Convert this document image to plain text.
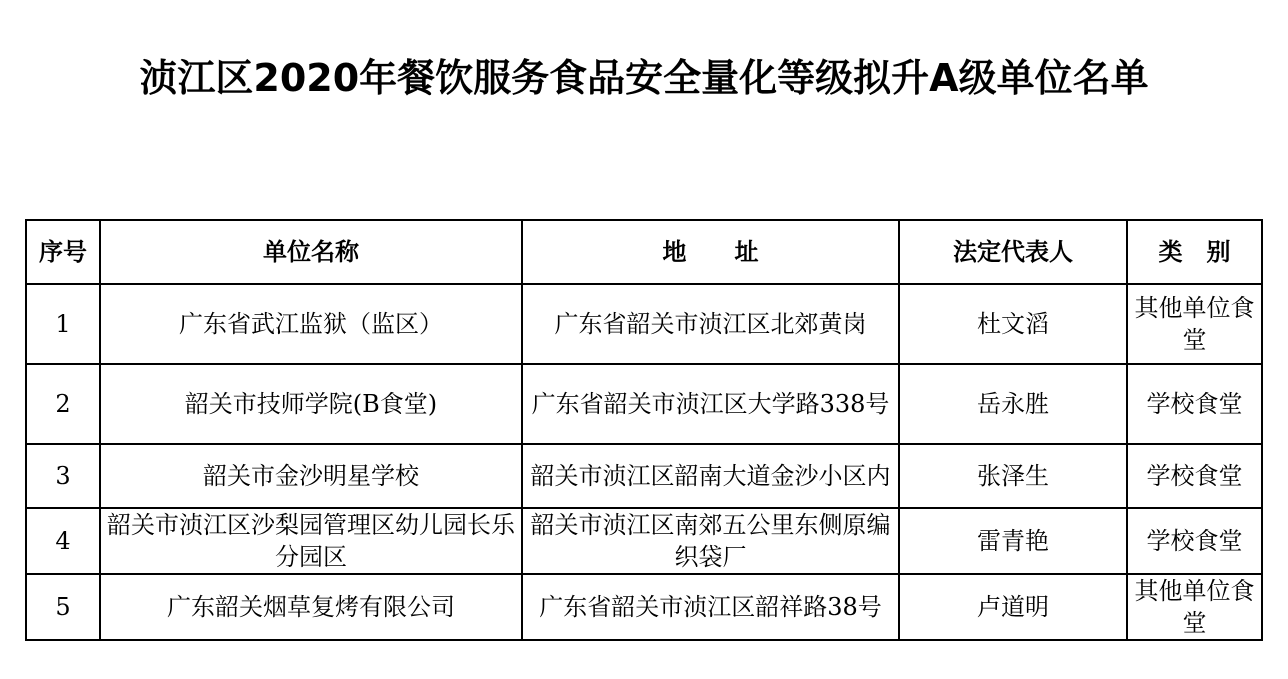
浈江区2020年餐饮服务食品安全量化等级拟升A级单位名单
序号	单位名称	地　　址	法定代表人	类　别
1	广东省武江监狱（监区）	广东省韶关市浈江区北郊黄岗	杜文滔	其他单位食堂
2	韶关市技师学院(B食堂)	广东省韶关市浈江区大学路338号	岳永胜	学校食堂
3	韶关市金沙明星学校	韶关市浈江区韶南大道金沙小区内	张泽生	学校食堂
4	韶关市浈江区沙梨园管理区幼儿园长乐分园区	韶关市浈江区南郊五公里东侧原编织袋厂	雷青艳	学校食堂
5	广东韶关烟草复烤有限公司	广东省韶关市浈江区韶祥路38号	卢道明	其他单位食堂
